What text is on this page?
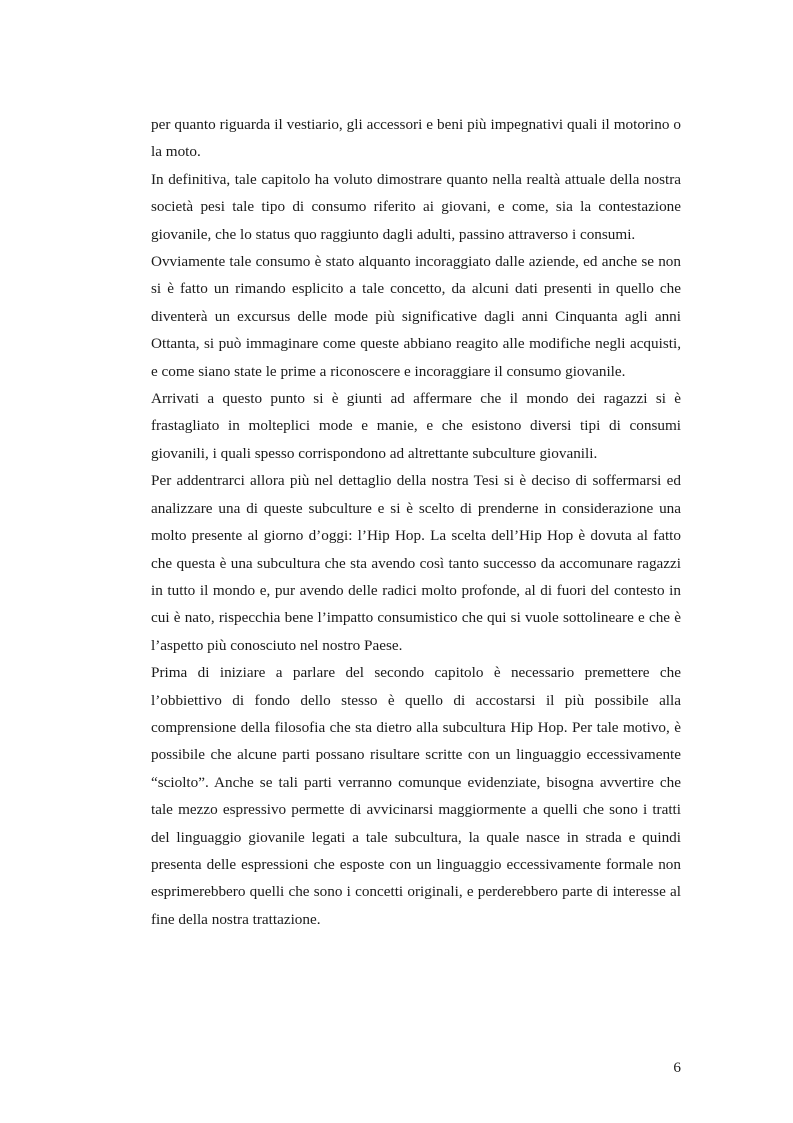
per quanto riguarda il vestiario, gli accessori e beni più impegnativi quali il motorino o la moto.

In definitiva, tale capitolo ha voluto dimostrare quanto nella realtà attuale della nostra società pesi tale tipo di consumo riferito ai giovani, e come, sia la contestazione giovanile, che lo status quo raggiunto dagli adulti, passino attraverso i consumi.

Ovviamente tale consumo è stato alquanto incoraggiato dalle aziende, ed anche se non si è fatto un rimando esplicito a tale concetto, da alcuni dati presenti in quello che diventerà un excursus delle mode più significative dagli anni Cinquanta agli anni Ottanta, si può immaginare come queste abbiano reagito alle modifiche negli acquisti, e come siano state le prime a riconoscere e incoraggiare il consumo giovanile.

Arrivati a questo punto si è giunti ad affermare che il mondo dei ragazzi si è frastagliato in molteplici mode e manie, e che esistono diversi tipi di consumi giovanili, i quali spesso corrispondono ad altrettante subculture giovanili.

Per addentrarci allora più nel dettaglio della nostra Tesi si è deciso di soffermarsi ed analizzare una di queste subculture e si è scelto di prenderne in considerazione una molto presente al giorno d’oggi: l’Hip Hop. La scelta dell’Hip Hop è dovuta al fatto che questa è una subcultura che sta avendo così tanto successo da accomunare ragazzi in tutto il mondo e, pur avendo delle radici molto profonde, al di fuori del contesto in cui è nato, rispecchia bene l’impatto consumistico che qui si vuole sottolineare e che è l’aspetto più conosciuto nel nostro Paese.

Prima di iniziare a parlare del secondo capitolo è necessario premettere che l’obbiettivo di fondo dello stesso è quello di accostarsi il più possibile alla comprensione della filosofia che sta dietro alla subcultura Hip Hop. Per tale motivo, è possibile che alcune parti possano risultare scritte con un linguaggio eccessivamente “sciolto”. Anche se tali parti verranno comunque evidenziate, bisogna avvertire che tale mezzo espressivo permette di avvicinarsi maggiormente a quelli che sono i tratti del linguaggio giovanile legati a tale subcultura, la quale nasce in strada e quindi presenta delle espressioni che esposte con un linguaggio eccessivamente formale non esprimerebbero quelli che sono i concetti originali, e perderebbero parte di interesse al fine della nostra trattazione.

6
